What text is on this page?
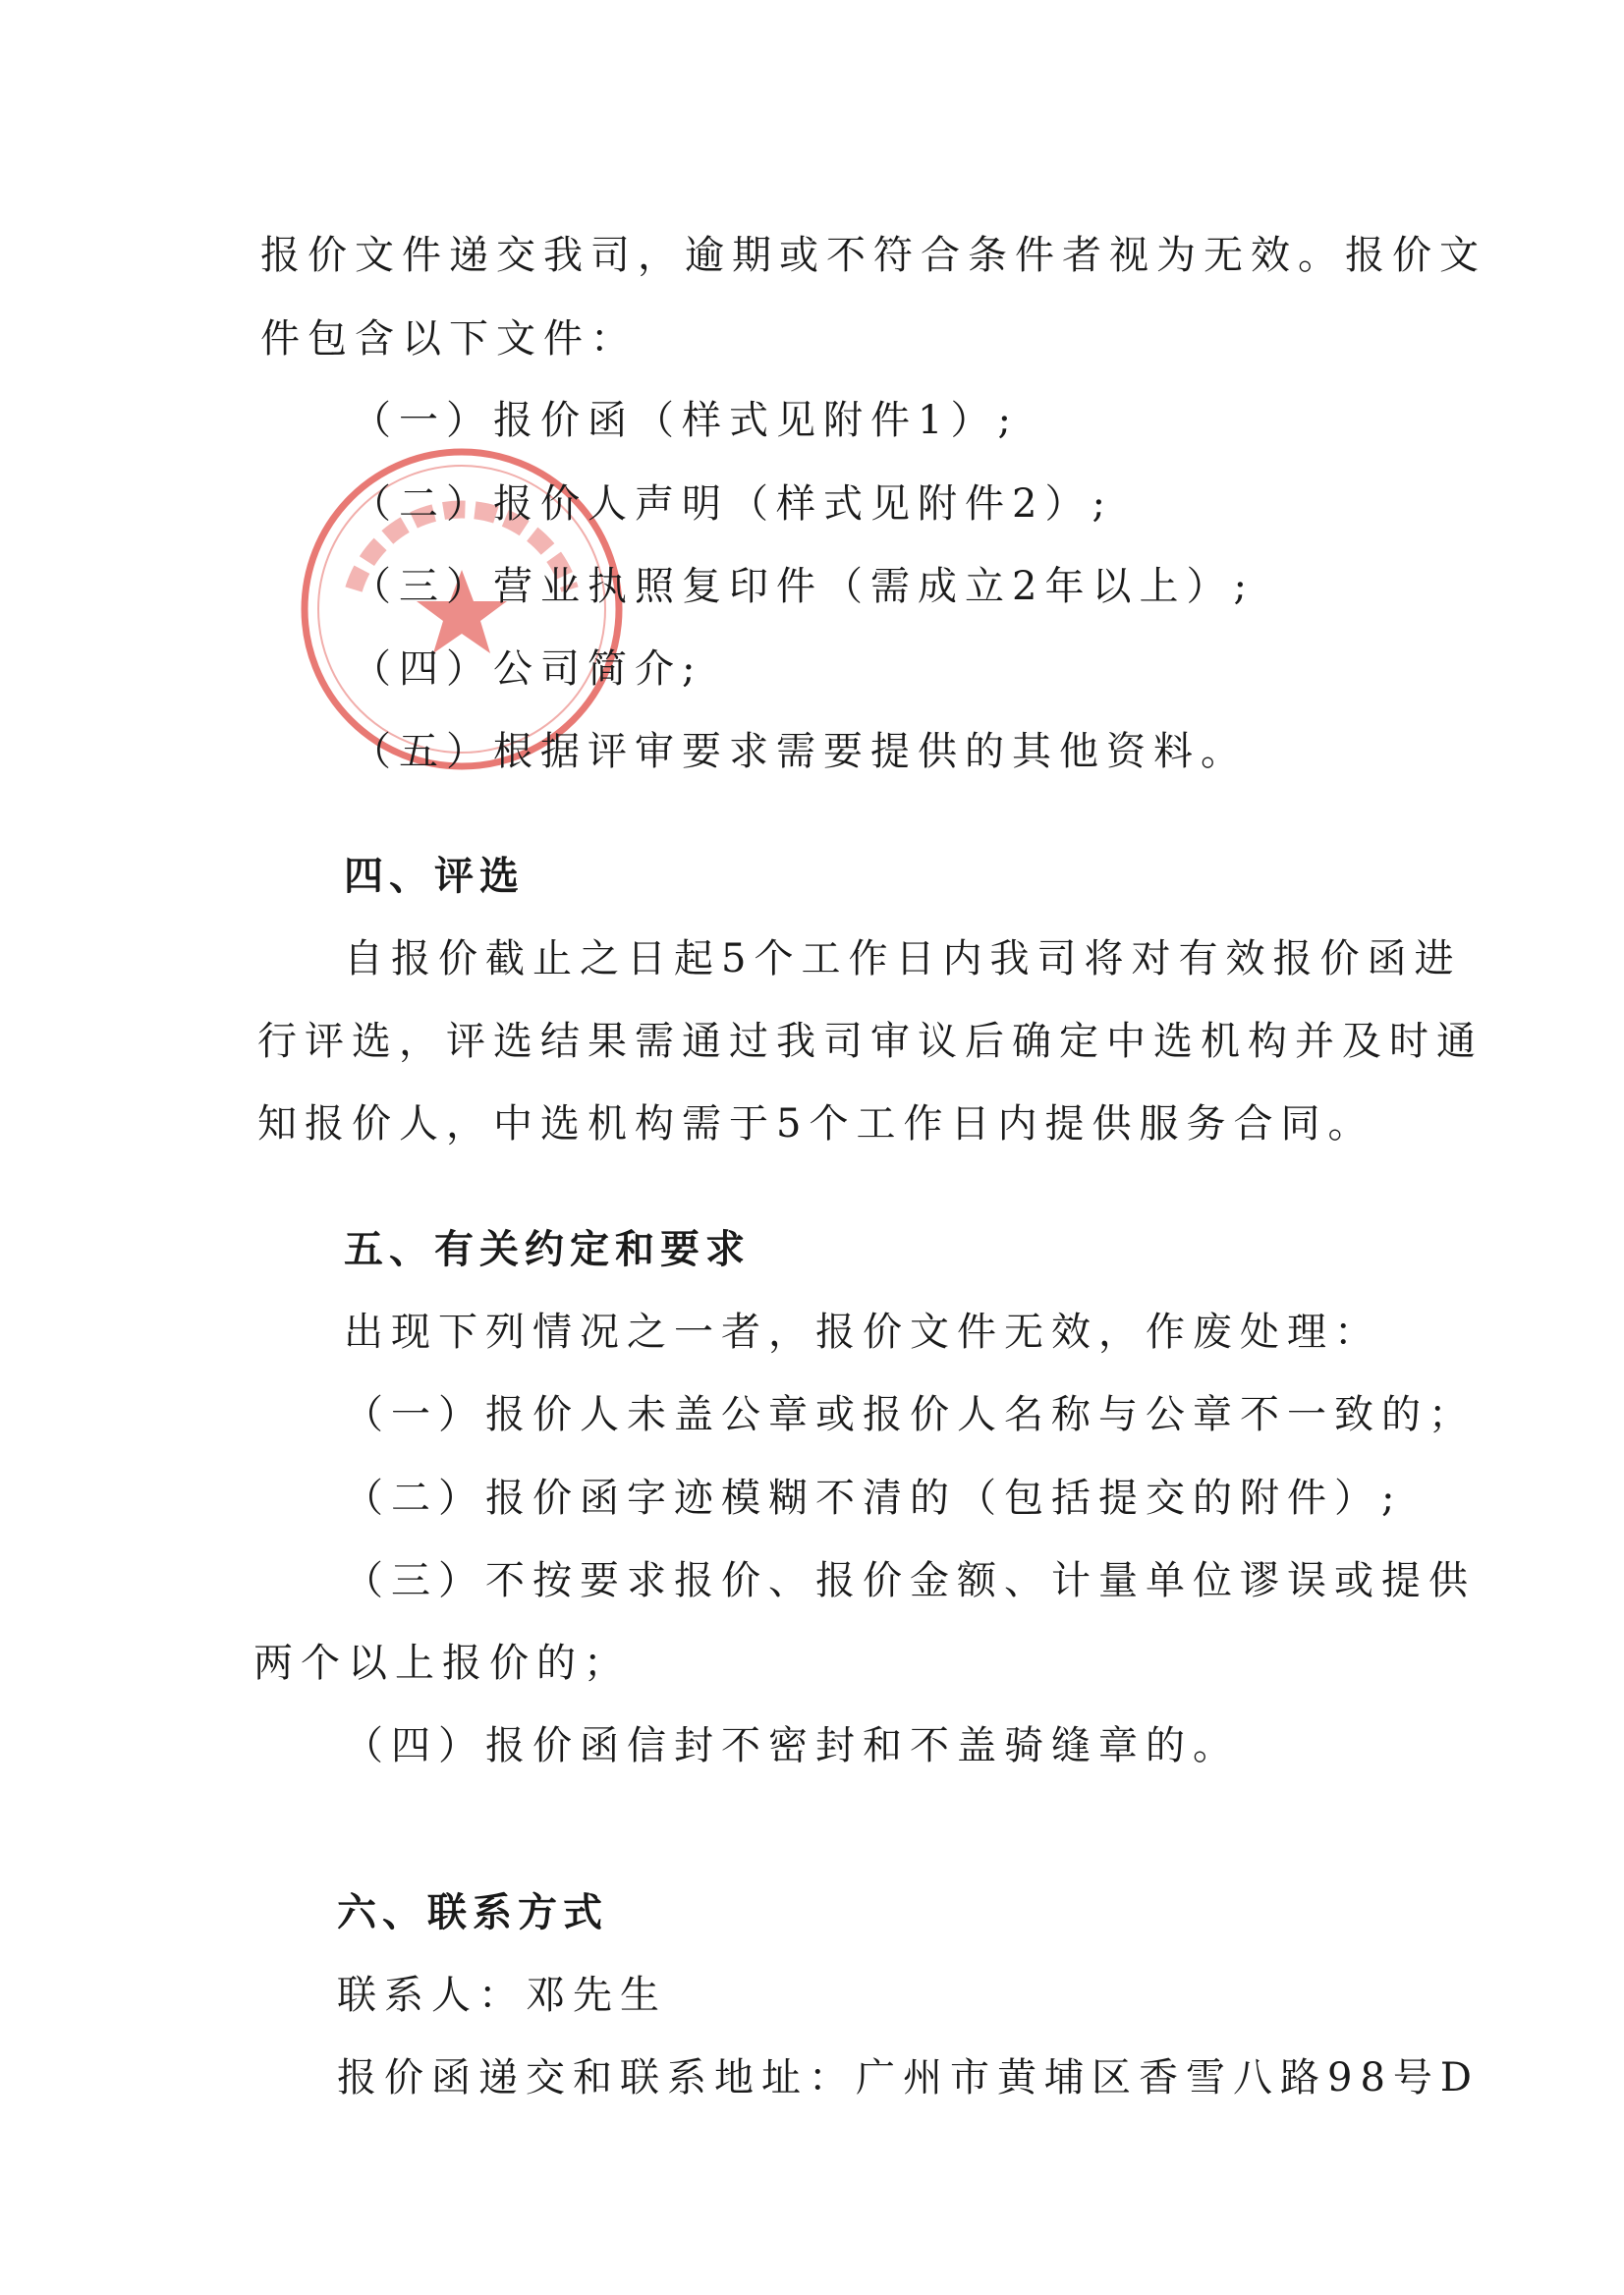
报价文件递交我司，逾期或不符合条件者视为无效。报价文
件包含以下文件：
（一）报价函（样式见附件1）;
（二）报价人声明（样式见附件2）;
（三）营业执照复印件（需成立2年以上）;
（四）公司简介;
（五）根据评审要求需要提供的其他资料。
四、评选
自报价截止之日起5个工作日内我司将对有效报价函进
行评选，评选结果需通过我司审议后确定中选机构并及时通
知报价人，中选机构需于5个工作日内提供服务合同。
五、有关约定和要求
出现下列情况之一者，报价文件无效，作废处理：
（一）报价人未盖公章或报价人名称与公章不一致的；
（二）报价函字迹模糊不清的（包括提交的附件）;
（三）不按要求报价、报价金额、计量单位谬误或提供
两个以上报价的；
（四）报价函信封不密封和不盖骑缝章的。
六、联系方式
联系人：邓先生
报价函递交和联系地址：广州市黄埔区香雪八路98号D
